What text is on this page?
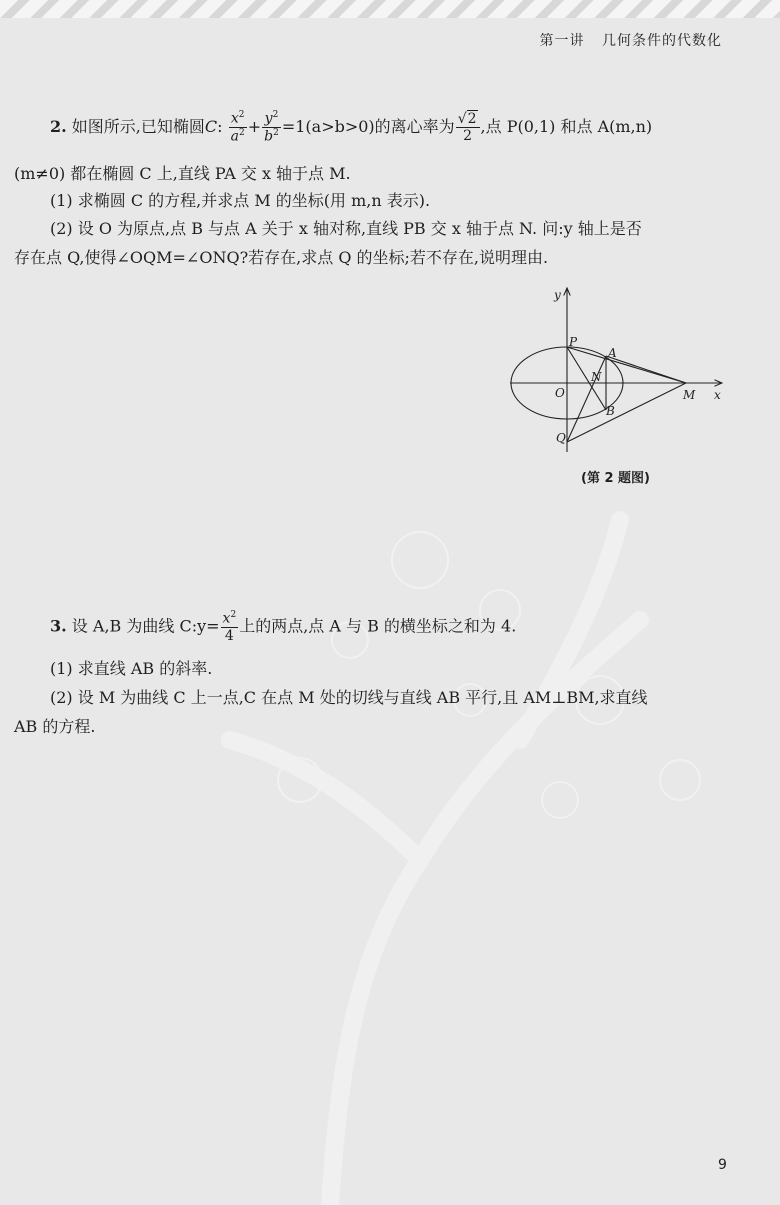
第一讲 几何条件的代数化
2. 如图所示,已知椭圆C: $\frac{x^2}{a^2} + \frac{y^2}{b^2} =1(a>b>0)$的离心率为 $\frac{√2}{2}$ ,点 P(0,1) 和点 A(m,n)
(m≠0) 都在椭圆 C 上,直线 PA 交 x 轴于点 M.
(1) 求椭圆 C 的方程,并求点 M 的坐标(用 m,n 表示).
(2) 设 O 为原点,点 B 与点 A 关于 x 轴对称,直线 PB 交 x 轴于点 N. 问:y 轴上是否
存在点 Q,使得∠OQM=∠ONQ?若存在,求点 Q 的坐标;若不存在,说明理由.
y
P
A
N
O	M x
B
Q
(第 2 题图)
3. 设 A,B 为曲线 C:y= $\frac{x^2}{4}$ 上的两点,点 A 与 B 的横坐标之和为 4.
(1) 求直线 AB 的斜率.
(2) 设 M 为曲线 C 上一点,C 在点 M 处的切线与直线 AB 平行,且 AM⊥BM,求直线
AB 的方程.
9
